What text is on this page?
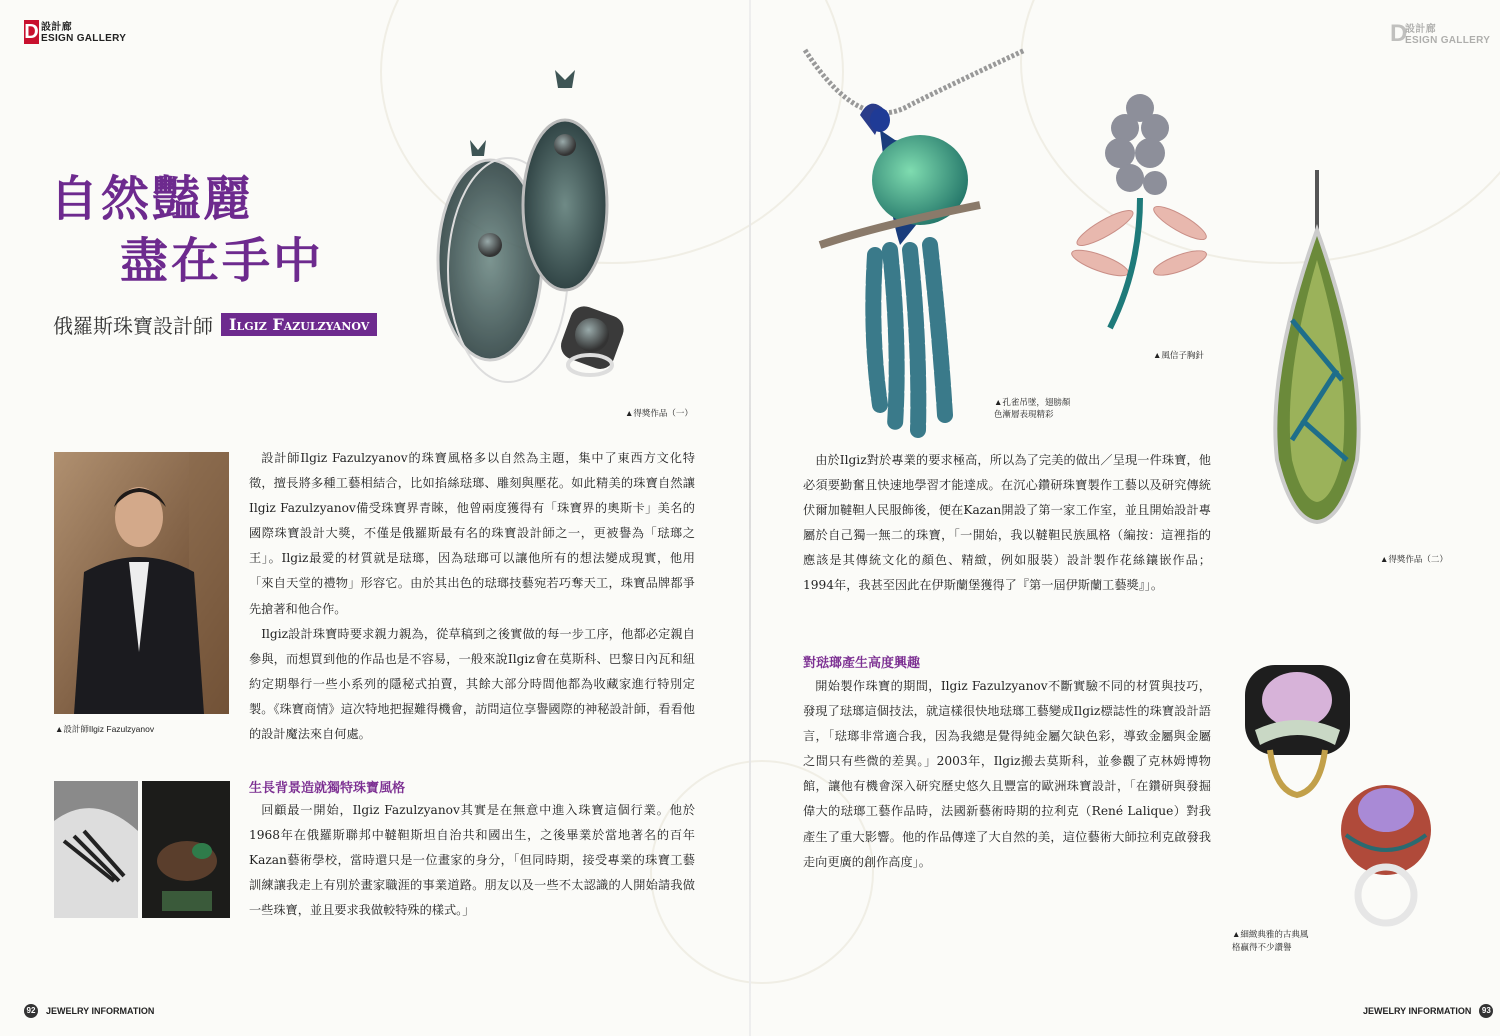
D 設計廊
ESIGN GALLERY	D
設計廊
ESIGN GALLERY
自然豔麗
盡在手中
俄羅斯珠寶設計師	Ilgiz Fazulzyanov
▲得獎作品（一）
▲設計師Ilgiz Fazulzyanov

設計師Ilgiz Fazulzyanov的珠寶風格多以自然為主題，集中了東西方文化特徵，擅長將多種工藝相結合，比如掐絲琺瑯、雕刻與壓花。如此精美的珠寶自然讓Ilgiz Fazulzyanov備受珠寶界青睞，他曾兩度獲得有「珠寶界的奧斯卡」美名的國際珠寶設計大獎，不僅是俄羅斯最有名的珠寶設計師之一，更被譽為「琺瑯之王」。Ilgiz最愛的材質就是琺瑯，因為琺瑯可以讓他所有的想法變成現實，他用「來自天堂的禮物」形容它。由於其出色的琺瑯技藝宛若巧奪天工，珠寶品牌都爭先搶著和他合作。

Ilgiz設計珠寶時要求親力親為，從草稿到之後實做的每一步工序，他都必定親自參與，而想買到他的作品也是不容易，一般來說Ilgiz會在莫斯科、巴黎日內瓦和紐約定期舉行一些小系列的隱秘式拍賣，其餘大部分時間他都為收藏家進行特別定製。《珠寶商情》這次特地把握難得機會，訪問這位享譽國際的神秘設計師，看看他的設計魔法來自何處。

生長背景造就獨特珠寶風格

回顧最一開始，Ilgiz Fazulzyanov其實是在無意中進入珠寶這個行業。他於1968年在俄羅斯聯邦中韃靼斯坦自治共和國出生，之後畢業於當地著名的百年Kazan藝術學校，當時還只是一位畫家的身分，「但同時期，接受專業的珠寶工藝訓練讓我走上有別於畫家職涯的事業道路。朋友以及一些不太認識的人開始請我做一些珠寶，並且要求我做較特殊的樣式。」

▲孔雀吊墜，翅膀顏
色漸層表現精彩
▲風信子胸針
▲得獎作品（二）
▲細緻典雅的古典風
格贏得不少讚譽

由於Ilgiz對於專業的要求極高，所以為了完美的做出／呈現一件珠寶，他必須要勤奮且快速地學習才能達成。在沉心鑽研珠寶製作工藝以及研究傳統伏爾加韃靼人民服飾後，便在Kazan開設了第一家工作室，並且開始設計專屬於自己獨一無二的珠寶，「一開始，我以韃靼民族風格（編按：這裡指的應該是其傳統文化的顏色、精緻，例如服裝）設計製作花絲鑲嵌作品；1994年，我甚至因此在伊斯蘭堡獲得了『第一屆伊斯蘭工藝獎』」。

對琺瑯產生高度興趣

開始製作珠寶的期間，Ilgiz Fazulzyanov不斷實驗不同的材質與技巧，發現了琺瑯這個技法，就這樣很快地琺瑯工藝變成Ilgiz標誌性的珠寶設計語言，「琺瑯非常適合我，因為我總是覺得純金屬欠缺色彩，導致金屬與金屬之間只有些微的差異。」2003年，Ilgiz搬去莫斯科，並參觀了克林姆博物館，讓他有機會深入研究歷史悠久且豐富的歐洲珠寶設計，「在鑽研與發掘偉大的琺瑯工藝作品時，法國新藝術時期的拉利克（René Lalique）對我產生了重大影響。他的作品傳達了大自然的美，這位藝術大師拉利克啟發我走向更廣的創作高度」。

92 JEWELRY INFORMATION	JEWELRY INFORMATION	93
